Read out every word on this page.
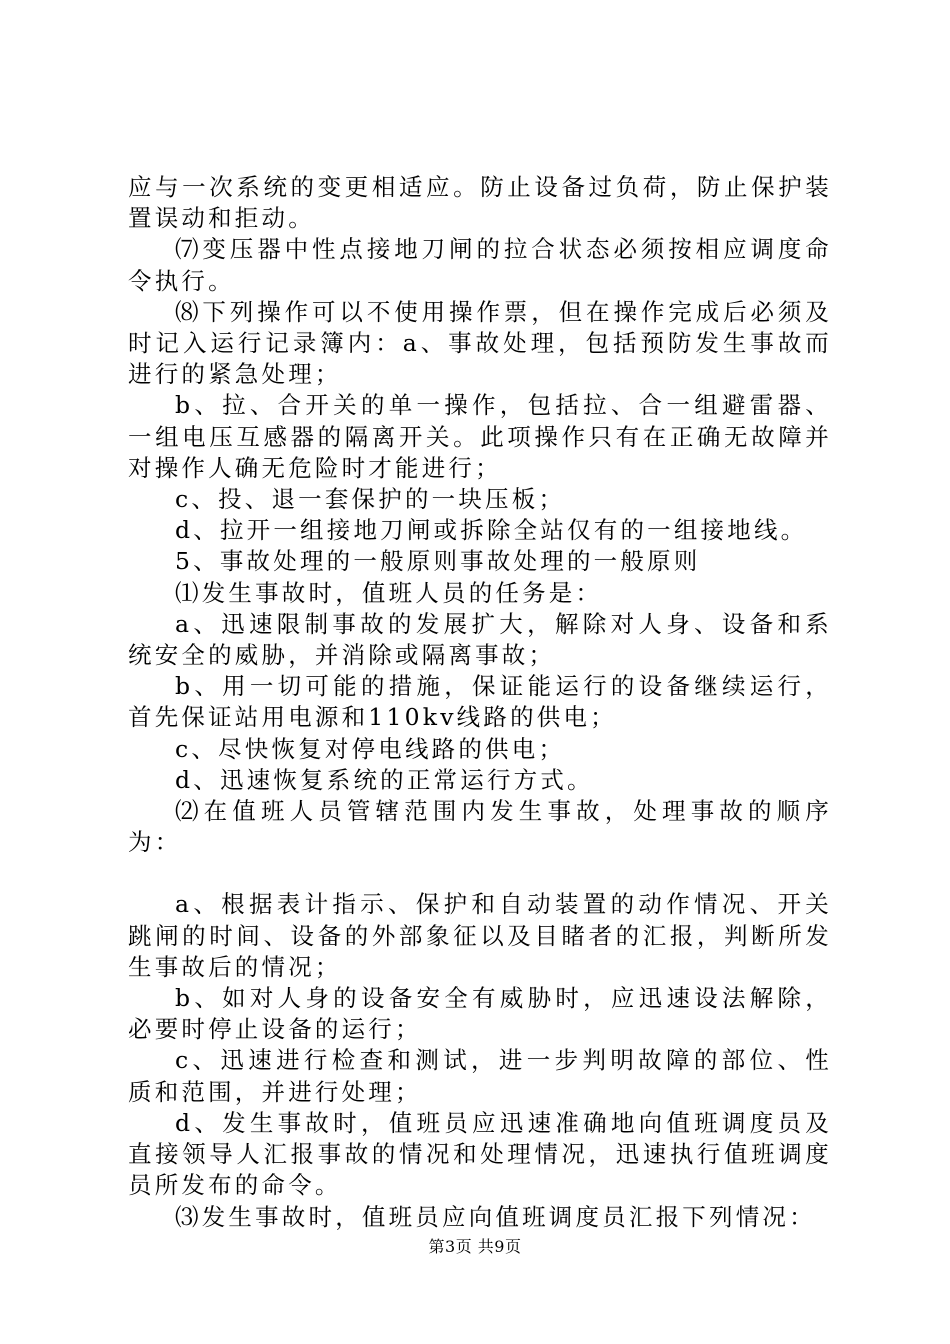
应与一次系统的变更相适应。防止设备过负荷，防止保护装置误动和拒动。

⑺变压器中性点接地刀闸的拉合状态必须按相应调度命令执行。

⑻下列操作可以不使用操作票，但在操作完成后必须及时记入运行记录簿内：a、事故处理，包括预防发生事故而进行的紧急处理；

b、拉、合开关的单一操作，包括拉、合一组避雷器、一组电压互感器的隔离开关。此项操作只有在正确无故障并对操作人确无危险时才能进行；

c、投、退一套保护的一块压板；

d、拉开一组接地刀闸或拆除全站仅有的一组接地线。

5、事故处理的一般原则事故处理的一般原则

⑴发生事故时，值班人员的任务是：

a、迅速限制事故的发展扩大，解除对人身、设备和系统安全的威胁，并消除或隔离事故；

b、用一切可能的措施，保证能运行的设备继续运行，首先保证站用电源和110kv线路的供电；

c、尽快恢复对停电线路的供电；

d、迅速恢复系统的正常运行方式。

⑵在值班人员管辖范围内发生事故，处理事故的顺序为：

a、根据表计指示、保护和自动装置的动作情况、开关跳闸的时间、设备的外部象征以及目睹者的汇报，判断所发生事故后的情况；

b、如对人身的设备安全有威胁时，应迅速设法解除，必要时停止设备的运行；

c、迅速进行检查和测试，进一步判明故障的部位、性质和范围，并进行处理；

d、发生事故时，值班员应迅速准确地向值班调度员及直接领导人汇报事故的情况和处理情况，迅速执行值班调度员所发布的命令。

⑶发生事故时，值班员应向值班调度员汇报下列情况：

第3页 共9页
